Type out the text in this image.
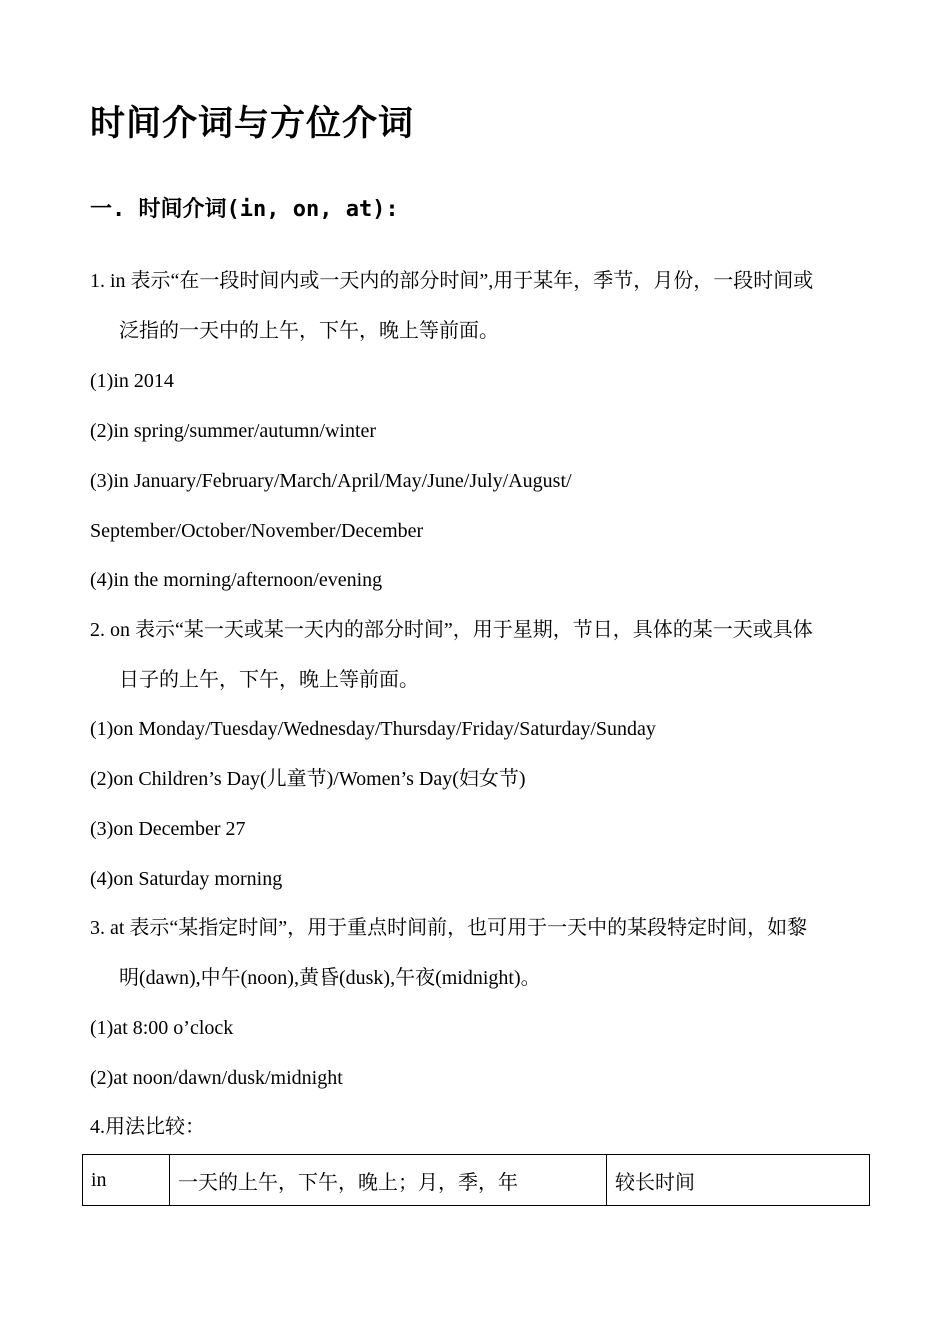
时间介词与方位介词
一. 时间介词(in, on, at):
1. in 表示“在一段时间内或一天内的部分时间”,用于某年，季节，月份，一段时间或
泛指的一天中的上午，下午，晚上等前面。
(1)in 2014
(2)in spring/summer/autumn/winter
(3)in January/February/March/April/May/June/July/August/
September/October/November/December
(4)in the morning/afternoon/evening
2. on 表示“某一天或某一天内的部分时间”，用于星期，节日，具体的某一天或具体
日子的上午，下午，晚上等前面。
(1)on Monday/Tuesday/Wednesday/Thursday/Friday/Saturday/Sunday
(2)on Children’s Day(儿童节)/Women’s Day(妇女节)
(3)on December 27
(4)on Saturday morning
3. at 表示“某指定时间”，用于重点时间前，也可用于一天中的某段特定时间，如黎
明(dawn),中午(noon),黄昏(dusk),午夜(midnight)。
(1)at 8:00 o’clock
(2)at noon/dawn/dusk/midnight
4.用法比较：
in	一天的上午，下午，晚上；月，季，年	较长时间
